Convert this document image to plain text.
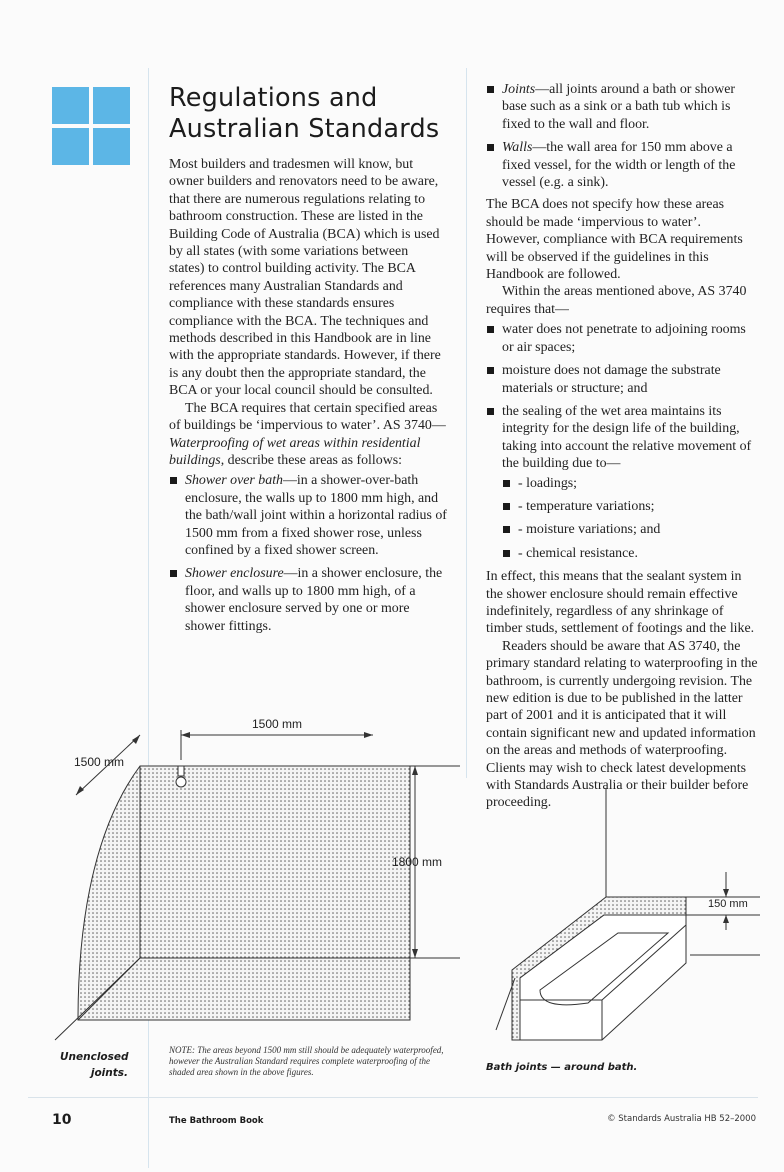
Regulations and Australian Standards

Most builders and tradesmen will know, but owner builders and renovators need to be aware, that there are numerous regulations relating to bathroom construction. These are listed in the Building Code of Australia (BCA) which is used by all states (with some variations between states) to control building activity. The BCA references many Australian Standards and compliance with these standards ensures compliance with the BCA. The techniques and methods described in this Handbook are in line with the appropriate standards. However, if there is any doubt then the appropriate standard, the BCA or your local council should be consulted.

The BCA requires that certain specified areas of buildings be ‘impervious to water’. AS 3740—Waterproofing of wet areas within residential buildings, describe these areas as follows:

Shower over bath—in a shower-over-bath enclosure, the walls up to 1800 mm high, and the bath/wall joint within a horizontal radius of 1500 mm from a fixed shower rose, unless confined by a fixed shower screen.
Shower enclosure—in a shower enclosure, the floor, and walls up to 1800 mm high, of a shower enclosure served by one or more shower fittings.
Joints—all joints around a bath or shower base such as a sink or a bath tub which is fixed to the wall and floor.
Walls—the wall area for 150 mm above a fixed vessel, for the width or length of the vessel (e.g. a sink).

The BCA does not specify how these areas should be made ‘impervious to water’. However, compliance with BCA requirements will be observed if the guidelines in this Handbook are followed.

Within the areas mentioned above, AS 3740 requires that—

water does not penetrate to adjoining rooms or air spaces;
moisture does not damage the substrate materials or structure; and
the sealing of the wet area maintains its integrity for the design life of the building, taking into account the relative movement of the building due to—
- loadings;
- temperature variations;
- moisture variations; and
- chemical resistance.

In effect, this means that the sealant system in the shower enclosure should remain effective indefinitely, regardless of any shrinkage of timber studs, settlement of footings and the like.

Readers should be aware that AS 3740, the primary standard relating to waterproofing in the bathroom, is currently undergoing revision. The new edition is due to be published in the latter part of 2001 and it is anticipated that it will contain significant new and updated information on the areas and methods of waterproofing. Clients may wish to check latest developments with Standards Australia or their builder before proceeding.

1500 mm
1500 mm
1800 mm
Unenclosed
joints.
NOTE: The areas beyond 1500 mm still should be adequately waterproofed, however the Australian Standard requires complete waterproofing of the shaded area shown in the above figures.
150 mm
Bath joints — around bath.
10	The Bathroom Book	© Standards Australia HB 52–2000
